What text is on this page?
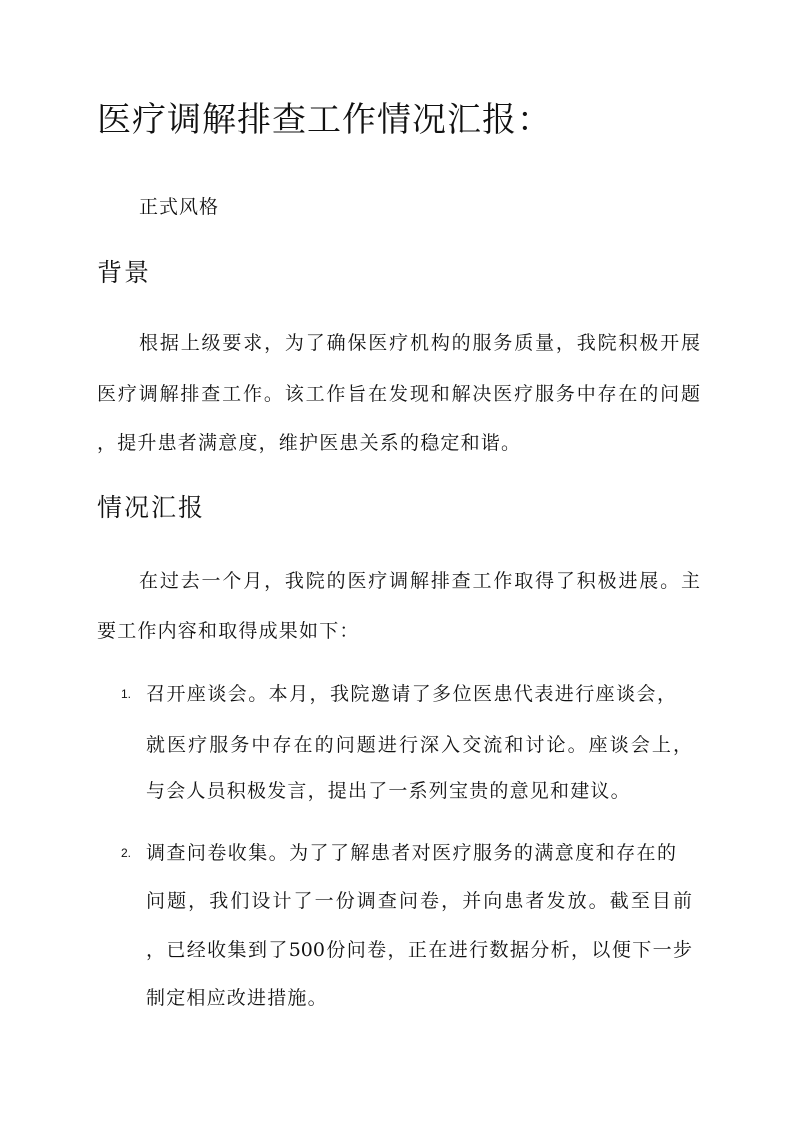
医疗调解排查工作情况汇报：
正式风格
背景
根据上级要求，为了确保医疗机构的服务质量，我院积极开展
医疗调解排查工作。该工作旨在发现和解决医疗服务中存在的问题
，提升患者满意度，维护医患关系的稳定和谐。
情况汇报
在过去一个月，我院的医疗调解排查工作取得了积极进展。主
要工作内容和取得成果如下：
1. 召开座谈会。本月，我院邀请了多位医患代表进行座谈会，
就医疗服务中存在的问题进行深入交流和讨论。座谈会上，
与会人员积极发言，提出了一系列宝贵的意见和建议。
2. 调查问卷收集。为了了解患者对医疗服务的满意度和存在的
问题，我们设计了一份调查问卷，并向患者发放。截至目前
，已经收集到了500份问卷，正在进行数据分析，以便下一步
制定相应改进措施。
